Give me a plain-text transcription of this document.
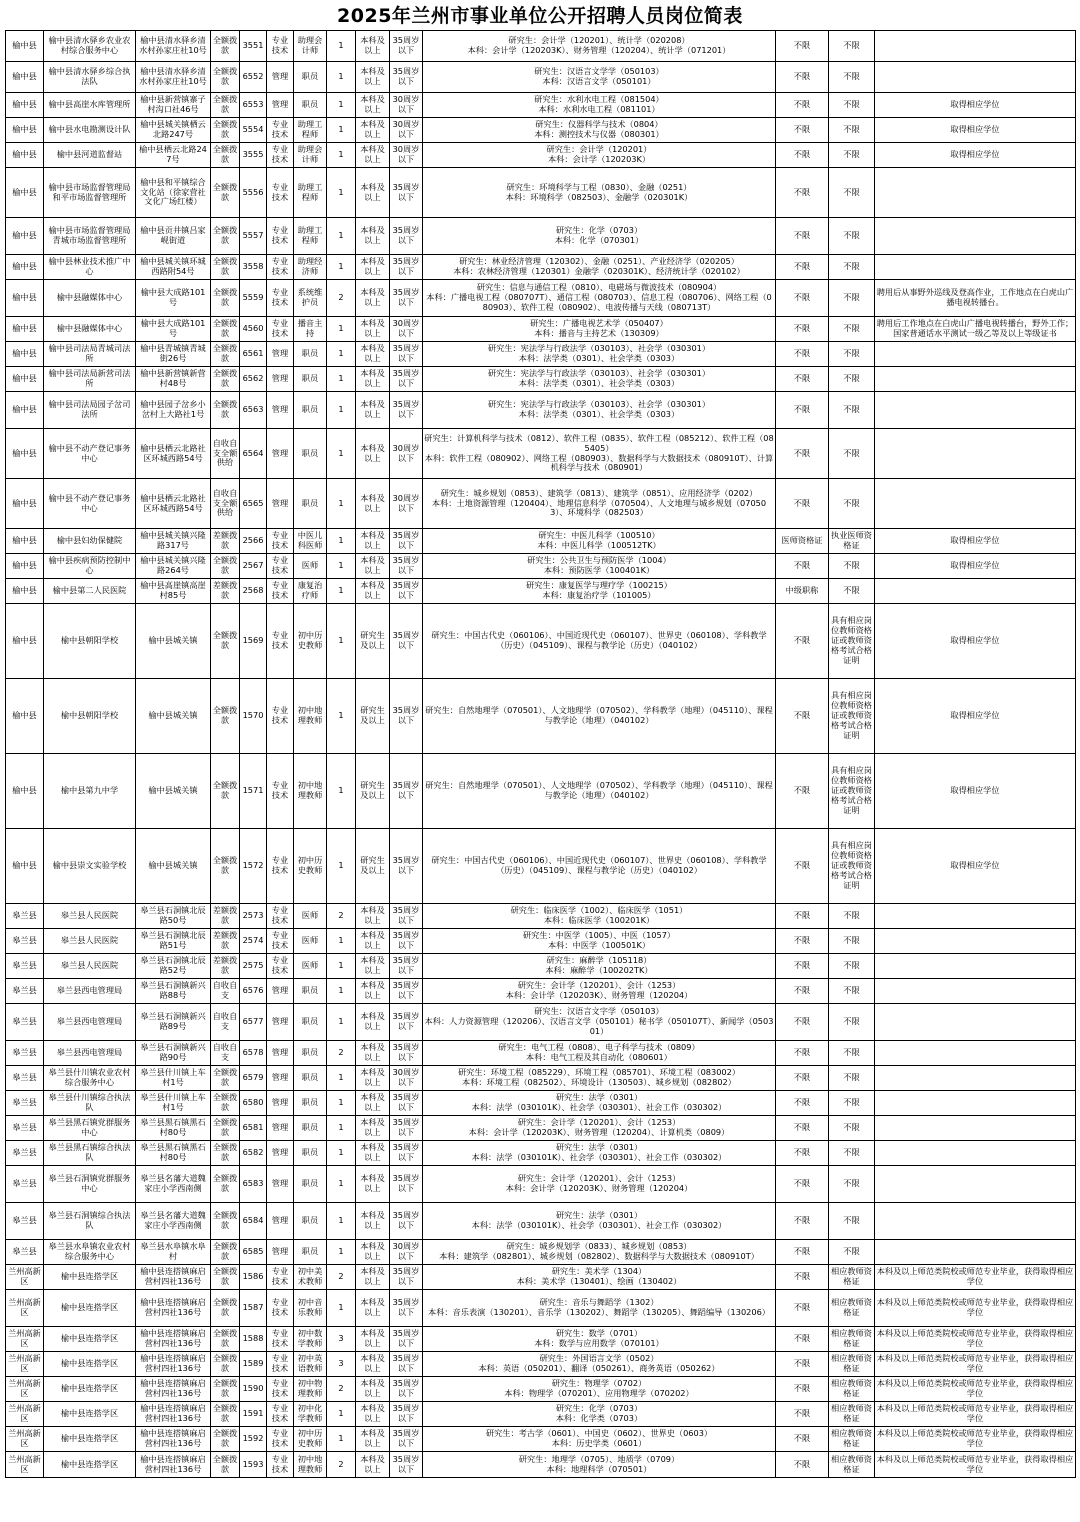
2025年兰州市事业单位公开招聘人员岗位简表
榆中县	榆中县清水驿乡农业农村综合服务中心	榆中县清水驿乡清水村孙家庄社10号	全额拨款	3551	专业技术	助理会计师	1	本科及以上	35周岁以下	研究生：会计学（120201）、统计学（020208）
本科：会计学（120203K）、财务管理（120204）、统计学（071201）	不限	不限	
榆中县	榆中县清水驿乡综合执法队	榆中县清水驿乡清水村孙家庄社10号	全额拨款	6552	管理	职员	1	本科及以上	35周岁以下	研究生：汉语言文学学（050103）
本科：汉语言文学（050101）	不限	不限	
榆中县	榆中县高崖水库管理所	榆中县新营镇寨子村沟口社46号	全额拨款	6553	管理	职员	1	本科及以上	30周岁以下	研究生：水利水电工程（081504）
本科：水利水电工程（081101）	不限	不限	取得相应学位
榆中县	榆中县水电勘测设计队	榆中县城关镇栖云北路247号	全额拨款	5554	专业技术	助理工程师	1	本科及以上	30周岁以下	研究生：仪器科学与技术（0804）
本科：测控技术与仪器（080301）	不限	不限	取得相应学位
榆中县	榆中县河道监督站	榆中县栖云北路247号	全额拨款	3555	专业技术	助理会计师	1	本科及以上	30周岁以下	研究生：会计学（120201）
本科：会计学（120203K）	不限	不限	取得相应学位
榆中县	榆中县市场监督管理局和平市场监督管理所	榆中县和平镇综合文化站（徐家营社文化广场红楼）	全额拨款	5556	专业技术	助理工程师	1	本科及以上	35周岁以下	研究生：环境科学与工程（0830）、金融（0251）
本科：环境科学（082503）、金融学（020301K）	不限	不限	
榆中县	榆中县市场监督管理局青城市场监督管理所	榆中县贡井镇吕家岘街道	全额拨款	5557	专业技术	助理工程师	1	本科及以上	35周岁以下	研究生：化学（0703）
本科：化学（070301）	不限	不限	
榆中县	榆中县林业技术推广中心	榆中县城关镇环城西路附54号	全额拨款	3558	专业技术	助理经济师	1	本科及以上	35周岁以下	研究生：林业经济管理（120302）、金融（0251）、产业经济学（020205）
本科：农林经济管理（120301）金融学（020301K）、经济统计学（020102）	不限	不限	
榆中县	榆中县融媒体中心	榆中县大成路101号	全额拨款	5559	专业技术	系统维护员	2	本科及以上	35周岁以下	研究生：信息与通信工程（0810）、电磁场与微波技术（080904）
本科：广播电视工程（080707T）、通信工程（080703）、信息工程（080706）、网络工程（080903）、软件工程（080902）、电波传播与天线（080713T）	不限	不限	聘用后从事野外巡线及登高作业，工作地点在白虎山广播电视转播台。
榆中县	榆中县融媒体中心	榆中县大成路101号	全额拨款	4560	专业技术	播音主持	1	本科及以上	30周岁以下	研究生：广播电视艺术学（050407）
本科：播音与主持艺术（130309）	不限	不限	聘用后工作地点在白虎山广播电视转播台，野外工作；国家普通话水平测试一级乙等及以上等级证书
榆中县	榆中县司法局青城司法所	榆中县青城镇青城街26号	全额拨款	6561	管理	职员	1	本科及以上	35周岁以下	研究生：宪法学与行政法学（030103）、社会学（030301）
本科：法学类（0301）、社会学类（0303）	不限	不限	
榆中县	榆中县司法局新营司法所	榆中县新营镇新营村48号	全额拨款	6562	管理	职员	1	本科及以上	35周岁以下	研究生：宪法学与行政法学（030103）、社会学（030301）
本科：法学类（0301）、社会学类（0303）	不限	不限	
榆中县	榆中县司法局园子岔司法所	榆中县园子岔乡小岔村上大路社1号	全额拨款	6563	管理	职员	1	本科及以上	35周岁以下	研究生：宪法学与行政法学（030103）、社会学（030301）
本科：法学类（0301）、社会学类（0303）	不限	不限	
榆中县	榆中县不动产登记事务中心	榆中县栖云北路社区环城西路54号	自收自支全额供给	6564	管理	职员	1	本科及以上	30周岁以下	研究生：计算机科学与技术（0812）、软件工程（0835）、软件工程（085212）、软件工程（085405）
本科：软件工程（080902）、网络工程（080903）、数据科学与大数据技术（080910T）、计算机科学与技术（080901）	不限	不限	
榆中县	榆中县不动产登记事务中心	榆中县栖云北路社区环城西路54号	自收自支全额供给	6565	管理	职员	1	本科及以上	30周岁以下	研究生：城乡规划（0853）、建筑学（0813）、建筑学（0851）、应用经济学（0202）
本科：土地资源管理（120404）、地理信息科学（070504）、人文地理与城乡规划（070503）、环境科学（082503）	不限	不限	
榆中县	榆中县妇幼保健院	榆中县城关镇兴隆路317号	差额拨款	2566	专业技术	中医儿科医师	1	本科及以上	35周岁以下	研究生：中医儿科学（100510）
本科：中医儿科学（100512TK）	医师资格证	执业医师资格证	取得相应学位
榆中县	榆中县疾病预防控制中心	榆中县城关镇兴隆路264号	全额拨款	2567	专业技术	医师	1	本科及以上	35周岁以下	研究生：公共卫生与预防医学（1004）
本科：预防医学（100401K）	不限	不限	取得相应学位
榆中县	榆中县第二人民医院	榆中县高崖镇高崖村85号	差额拨款	2568	专业技术	康复治疗师	1	本科及以上	35周岁以下	研究生：康复医学与理疗学（100215）
本科：康复治疗学（101005）	中级职称	不限	
榆中县	榆中县朝阳学校	榆中县城关镇	全额拨款	1569	专业技术	初中历史教师	1	研究生及以上	35周岁以下	研究生：中国古代史（060106）、中国近现代史（060107）、世界史（060108）、学科教学（历史）（045109）、课程与教学论（历史）（040102）	不限	具有相应岗位教师资格证或教师资格考试合格证明	取得相应学位
榆中县	榆中县朝阳学校	榆中县城关镇	全额拨款	1570	专业技术	初中地理教师	1	研究生及以上	35周岁以下	研究生：自然地理学（070501）、人文地理学（070502）、学科教学（地理）（045110）、课程与教学论（地理）（040102）	不限	具有相应岗位教师资格证或教师资格考试合格证明	取得相应学位
榆中县	榆中县第九中学	榆中县城关镇	全额拨款	1571	专业技术	初中地理教师	1	研究生及以上	35周岁以下	研究生：自然地理学（070501）、人文地理学（070502）、学科教学（地理）（045110）、课程与教学论（地理）（040102）	不限	具有相应岗位教师资格证或教师资格考试合格证明	取得相应学位
榆中县	榆中县崇文实验学校	榆中县城关镇	全额拨款	1572	专业技术	初中历史教师	1	研究生及以上	35周岁以下	研究生：中国古代史（060106）、中国近现代史（060107）、世界史（060108）、学科教学（历史）（045109）、课程与教学论（历史）（040102）	不限	具有相应岗位教师资格证或教师资格考试合格证明	取得相应学位
皋兰县	皋兰县人民医院	皋兰县石洞镇北辰路50号	差额拨款	2573	专业技术	医师	2	本科及以上	35周岁以下	研究生：临床医学（1002）、临床医学（1051）
本科：临床医学（100201K）	不限	不限	
皋兰县	皋兰县人民医院	皋兰县石洞镇北辰路51号	差额拨款	2574	专业技术	医师	1	本科及以上	35周岁以下	研究生：中医学（1005）、中医（1057）
本科：中医学（100501K）	不限	不限	
皋兰县	皋兰县人民医院	皋兰县石洞镇北辰路52号	差额拨款	2575	专业技术	医师	1	本科及以上	35周岁以下	研究生：麻醉学（105118）
本科：麻醉学（100202TK）	不限	不限	
皋兰县	皋兰县西电管理局	皋兰县石洞镇新兴路88号	自收自支	6576	管理	职员	1	本科及以上	35周岁以下	研究生：会计学（120201）、会计（1253）
本科：会计学（120203K）、财务管理（120204）	不限	不限	
皋兰县	皋兰县西电管理局	皋兰县石洞镇新兴路89号	自收自支	6577	管理	职员	1	本科及以上	35周岁以下	研究生：汉语言文字学（050103）
本科：人力资源管理（120206）、汉语言文学（050101）秘书学（050107T）、新闻学（050301）	不限	不限	
皋兰县	皋兰县西电管理局	皋兰县石洞镇新兴路90号	自收自支	6578	管理	职员	2	本科及以上	35周岁以下	研究生：电气工程（0808）、电子科学与技术（0809）
本科：电气工程及其自动化（080601）	不限	不限	
皋兰县	皋兰县什川镇农业农村综合服务中心	皋兰县什川镇上车村1号	全额拨款	6579	管理	职员	1	本科及以上	30周岁以下	研究生：环境工程（085229）、环境工程（085701）、环境工程（083002）
本科：环境工程（082502）、环境设计（130503）、城乡规划（082802）	不限	不限	
皋兰县	皋兰县什川镇综合执法队	皋兰县什川镇上车村1号	全额拨款	6580	管理	职员	1	本科及以上	35周岁以下	研究生：法学（0301）
本科：法学（030101K）、社会学（030301）、社会工作（030302）	不限	不限	
皋兰县	皋兰县黑石镇党群服务中心	皋兰县黑石镇黑石村80号	全额拨款	6581	管理	职员	1	本科及以上	35周岁以下	研究生：会计学（120201）、会计（1253）
本科：会计学（120203K）、财务管理（120204）、计算机类（0809）	不限	不限	
皋兰县	皋兰县黑石镇综合执法队	皋兰县黑石镇黑石村80号	全额拨款	6582	管理	职员	1	本科及以上	35周岁以下	研究生：法学（0301）
本科：法学（030101K）、社会学（030301）、社会工作（030302）	不限	不限	
皋兰县	皋兰县石洞镇党群服务中心	皋兰县名藩大道魏家庄小学西南侧	全额拨款	6583	管理	职员	1	本科及以上	35周岁以下	研究生：会计学（120201）、会计（1253）
本科：会计学（120203K）、财务管理（120204）	不限	不限	
皋兰县	皋兰县石洞镇综合执法队	皋兰县名藩大道魏家庄小学西南侧	全额拨款	6584	管理	职员	1	本科及以上	35周岁以下	研究生：法学（0301）
本科：法学（030101K）、社会学（030301）、社会工作（030302）	不限	不限	
皋兰县	皋兰县水阜镇农业农村综合服务中心	皋兰县水阜镇水阜村	全额拨款	6585	管理	职员	1	本科及以上	30周岁以下	研究生：城乡规划学（0833）、城乡规划（0853）
本科：建筑学（082801）、城乡规划（082802）、数据科学与大数据技术（080910T）	不限	不限	
兰州高新区	榆中县连搭学区	榆中县连搭镇麻启营村四社136号	全额拨款	1586	专业技术	初中美术教师	2	本科及以上	35周岁以下	研究生：美术学（1304）
本科：美术学（130401）、绘画（130402）	不限	相应教师资格证	本科及以上师范类院校或师范专业毕业，获得取得相应学位
兰州高新区	榆中县连搭学区	榆中县连搭镇麻启营村四社136号	全额拨款	1587	专业技术	初中音乐教师	1	本科及以上	35周岁以下	研究生：音乐与舞蹈学（1302）
本科：音乐表演（130201）、音乐学（130202）、舞蹈学（130205）、舞蹈编导（130206）	不限	相应教师资格证	本科及以上师范类院校或师范专业毕业，获得取得相应学位
兰州高新区	榆中县连搭学区	榆中县连搭镇麻启营村四社136号	全额拨款	1588	专业技术	初中数学教师	3	本科及以上	35周岁以下	研究生：数学（0701）
本科：数学与应用数学（070101）	不限	相应教师资格证	本科及以上师范类院校或师范专业毕业，获得取得相应学位
兰州高新区	榆中县连搭学区	榆中县连搭镇麻启营村四社136号	全额拨款	1589	专业技术	初中英语教师	3	本科及以上	35周岁以下	研究生：外国语言文学（0502）
本科：英语（050201）、翻译（050261）、商务英语（050262）	不限	相应教师资格证	本科及以上师范类院校或师范专业毕业，获得取得相应学位
兰州高新区	榆中县连搭学区	榆中县连搭镇麻启营村四社136号	全额拨款	1590	专业技术	初中物理教师	2	本科及以上	35周岁以下	研究生：物理学（0702）
本科：物理学（070201）、应用物理学（070202）	不限	相应教师资格证	本科及以上师范类院校或师范专业毕业，获得取得相应学位
兰州高新区	榆中县连搭学区	榆中县连搭镇麻启营村四社136号	全额拨款	1591	专业技术	初中化学教师	1	本科及以上	35周岁以下	研究生：化学（0703）
本科：化学类（0703）	不限	相应教师资格证	本科及以上师范类院校或师范专业毕业，获得取得相应学位
兰州高新区	榆中县连搭学区	榆中县连搭镇麻启营村四社136号	全额拨款	1592	专业技术	初中历史教师	1	本科及以上	35周岁以下	研究生：考古学（0601）、中国史（0602）、世界史（0603）
本科：历史学类（0601）	不限	相应教师资格证	本科及以上师范类院校或师范专业毕业，获得取得相应学位
兰州高新区	榆中县连搭学区	榆中县连搭镇麻启营村四社136号	全额拨款	1593	专业技术	初中地理教师	2	本科及以上	35周岁以下	研究生：地理学（0705）、地质学（0709）
本科：地理科学（070501）	不限	相应教师资格证	本科及以上师范类院校或师范专业毕业，获得取得相应学位
